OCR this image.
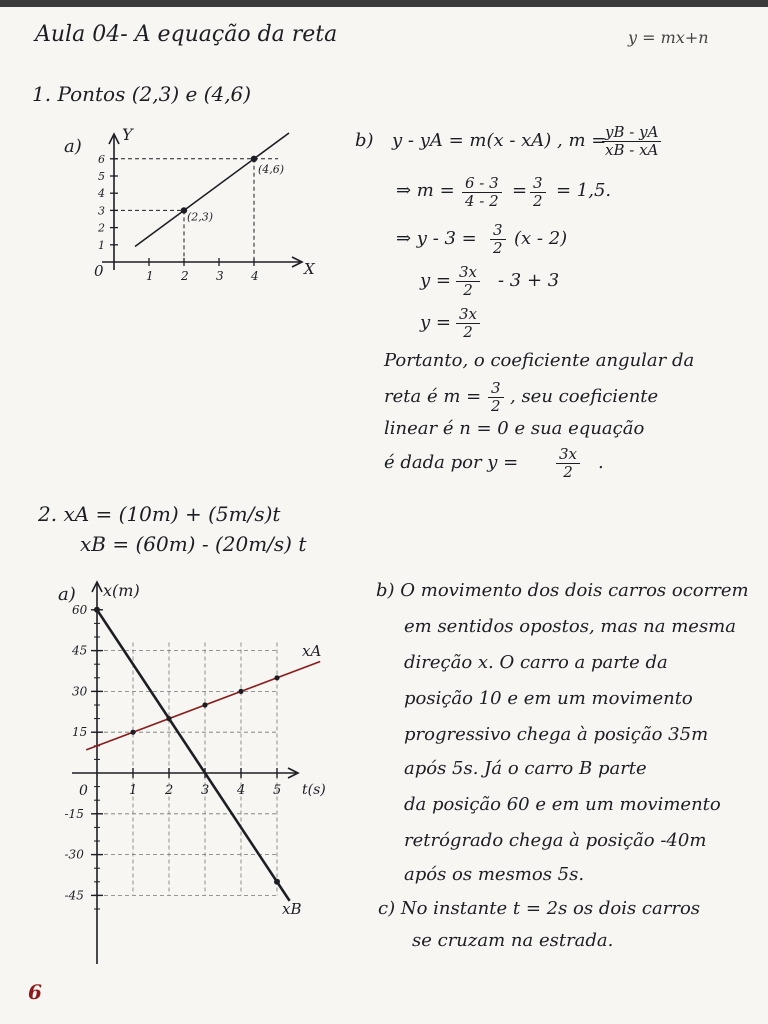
Aula 04- A equação da reta	y = mx+n
1. Pontos (2,3) e (4,6)
b) y - yA = m(x - xA) , m =
$\frac{yB - yA}{xB - xA}$
⇒ $m = \frac{6 - 3}{4 - 2} = \frac{3}{2} = 1,5$.
⇒ $y - 3 = \frac{3}{2} (x - 2)$
$y = \frac{3x}{2} - 3 + 3$
$y = \frac{3x}{2}$
Portanto, o coeficiente angular da
reta é $m = \frac{3}{2}$ , seu coeficiente
linear é n = 0 e sua equação
é dada por y =	$\frac{3x}{2}$ .
2. xA = (10m) + (5m/s)t
xB = (60m) - (20m/s) t
b) O movimento dos dois carros ocorrem
em sentidos opostos, mas na mesma
direção x. O carro a parte da
posição 10 e em um movimento
progressivo chega à posição 35m
após 5s. Já o carro B parte
da posição 60 e em um movimento
retrógrado chega à posição -40m
após os mesmos 5s.
c) No instante t = 2s os dois carros
se cruzam na estrada.
6
a)
Y
X
0
1
2
3
4
5
6
1 2 3 4
(2,3)
(4,6)
a) x(m)
t(s)
0
60
45
30
15
-15
-30
-45
1 2 3 4 5
xA
xB
